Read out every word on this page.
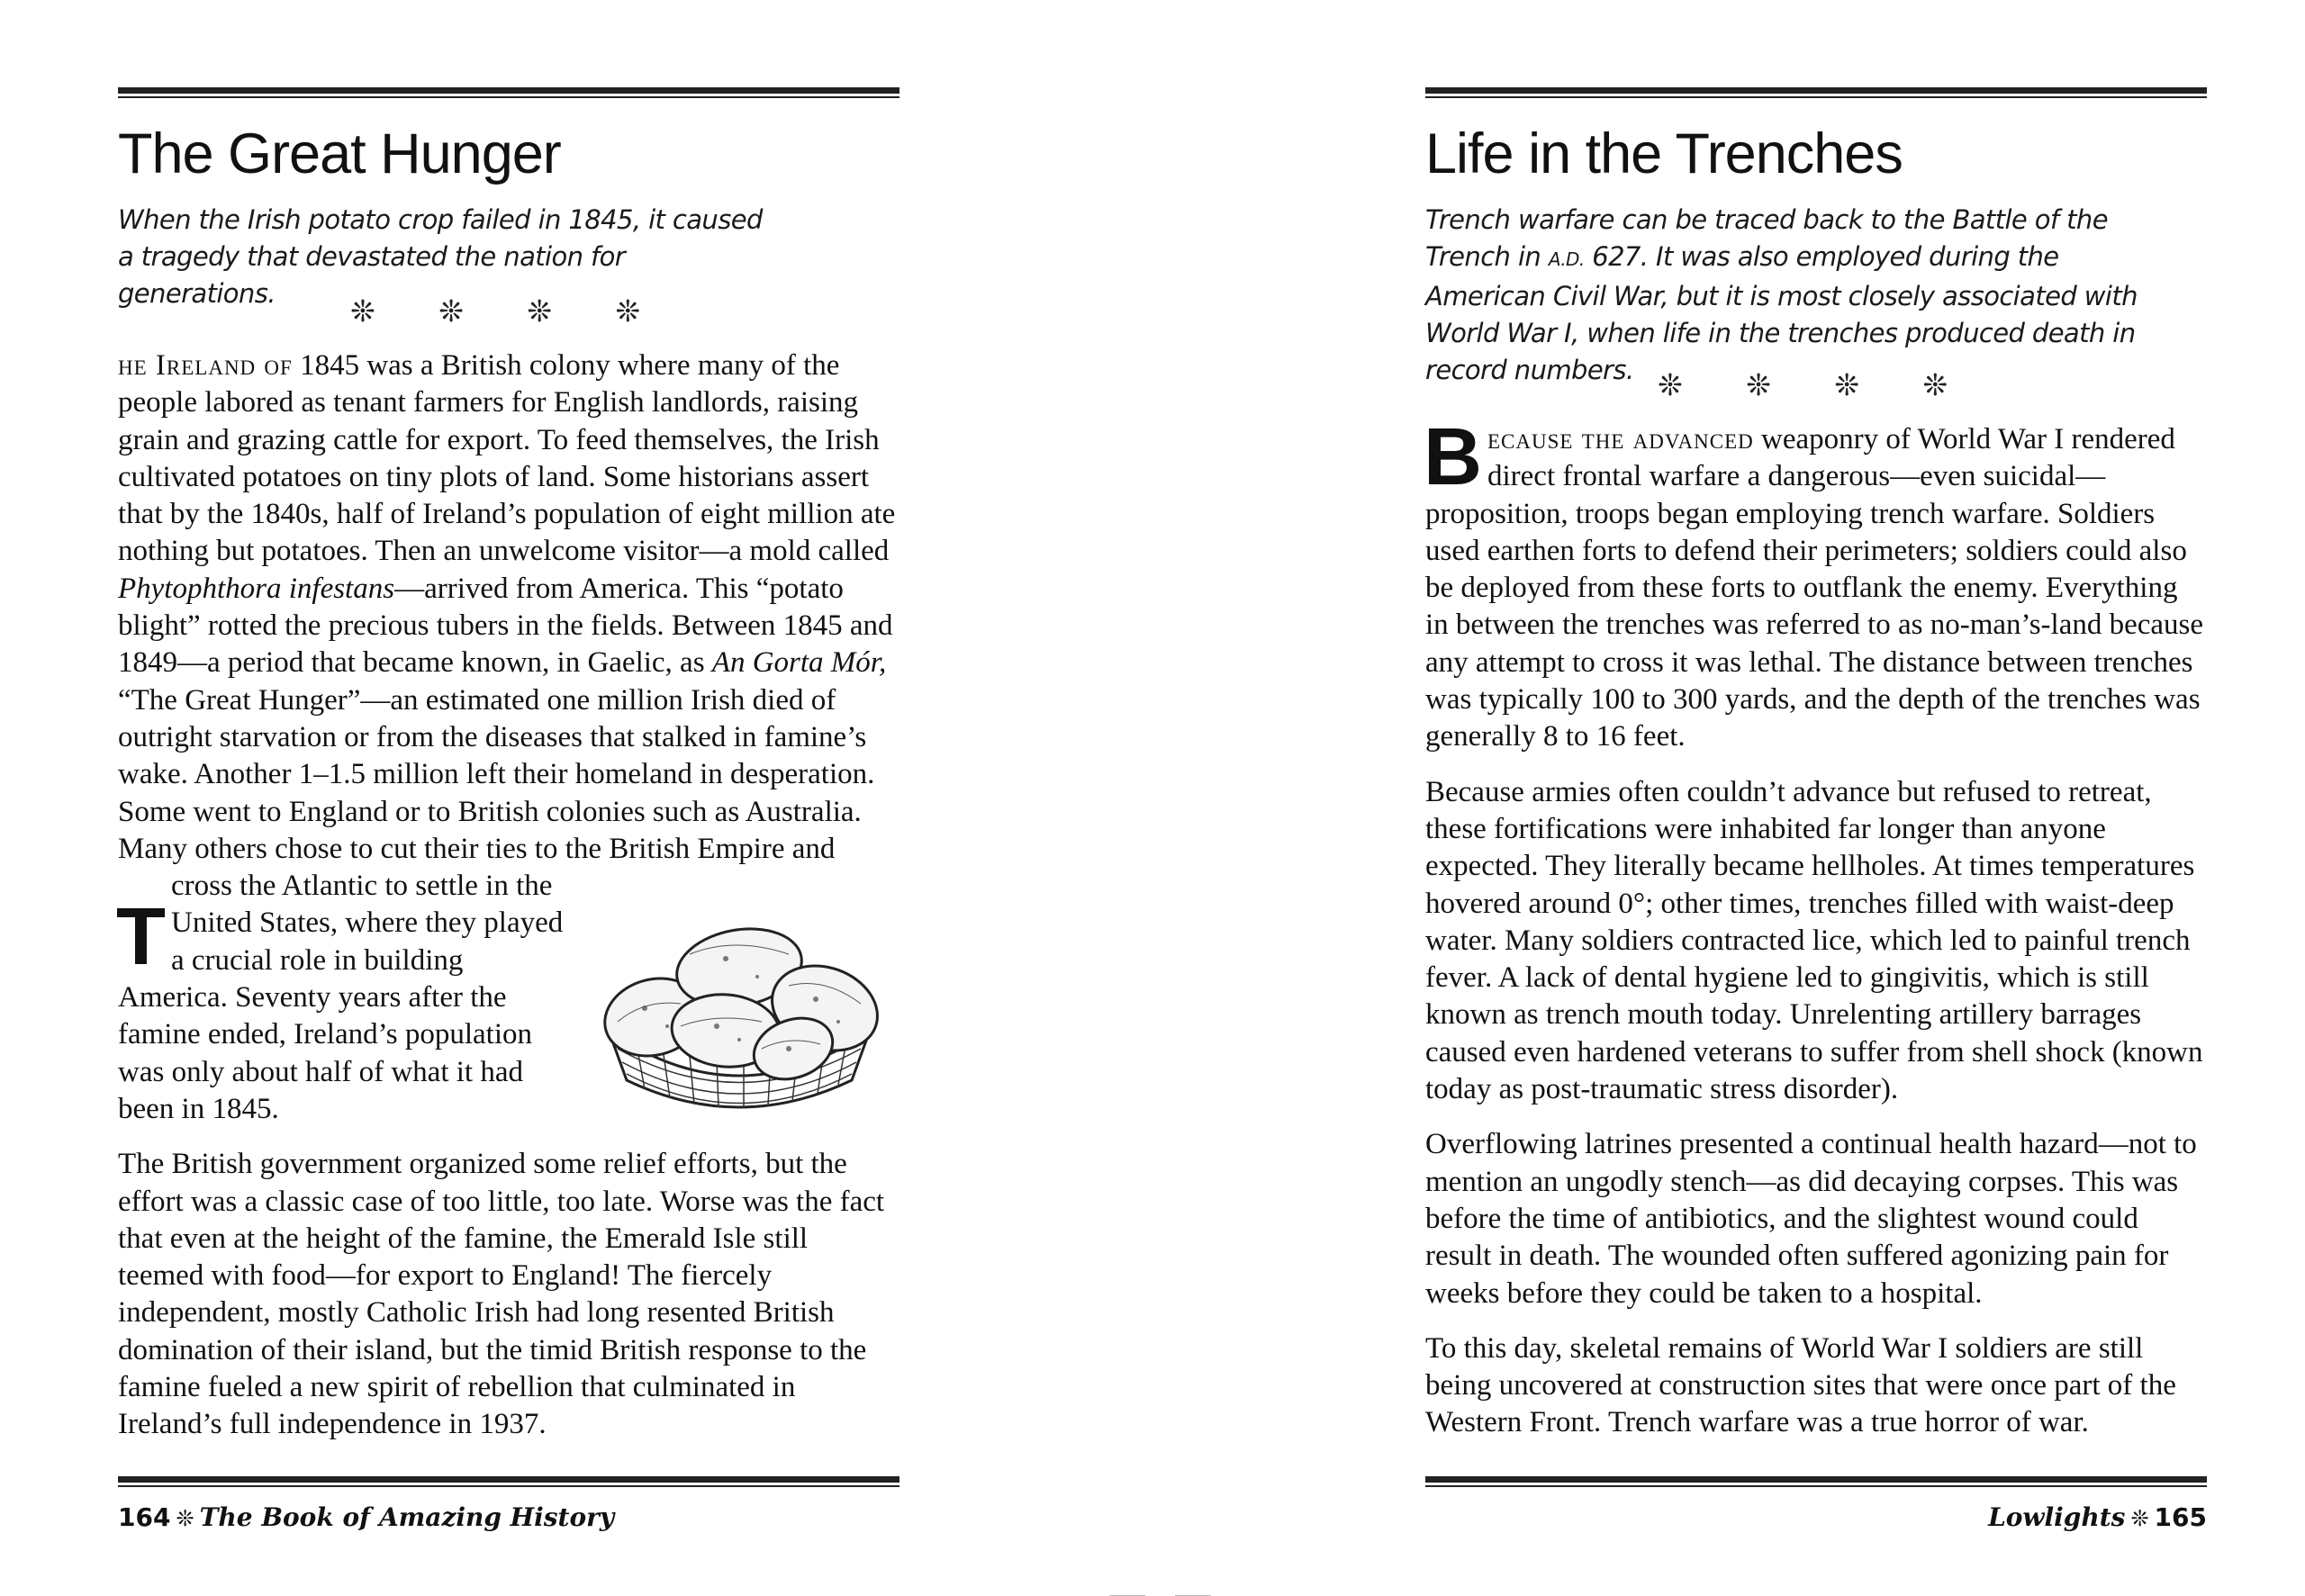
The Great Hunger

When the Irish potato crop failed in 1845, it caused a tragedy that devastated the nation for generations.	❊ ❊ ❊ ❊

T
he Ireland of 1845 was a British colony where many of the people labored as tenant farmers for English landlords, raising grain and grazing cattle for export. To feed themselves, the Irish cultivated potatoes on tiny plots of land. Some historians assert that by the 1840s, half of Ireland’s population of eight million ate nothing but potatoes. Then an unwelcome visitor—a mold called Phytophthora infestans—arrived from America. This “potato blight” rotted the precious tubers in the fields. Between 1845 and 1849—a period that became known, in Gaelic, as An Gorta Mór, “The Great Hunger”—an estimated one million Irish died of outright starvation or from the diseases that stalked in famine’s wake. Another 1–1.5 million left their homeland in desperation. Some went to England or to British colonies such as Australia. Many others chose to cut their ties to the British Empire and cross the Atlantic to settle in the United States, where they played a crucial role in building America. Seventy years after the famine ended, Ireland’s population was only about half of what it had been in 1845.

The British government organized some relief efforts, but the effort was a classic case of too little, too late. Worse was the fact that even at the height of the famine, the Emerald Isle still teemed with food—for export to England! The fiercely independent, mostly Catholic Irish had long resented British domination of their island, but the timid British response to the famine fueled a new spirit of rebellion that culminated in Ireland’s full independence in 1937.

164 ❊ The Book of Amazing History
Life in the Trenches

Trench warfare can be traced back to the Battle of the Trench in A.D. 627. It was also employed during the American Civil War, but it is most closely associated with World War I, when life in the trenches produced death in record numbers. ❊ ❊ ❊ ❊

Because the advanced weaponry of World War I rendered direct frontal warfare a dangerous—even suicidal—proposition, troops began employing trench warfare. Soldiers used earthen forts to defend their perimeters; soldiers could also be deployed from these forts to outflank the enemy. Everything in between the trenches was referred to as no-man’s-land because any attempt to cross it was lethal. The distance between trenches was typically 100 to 300 yards, and the depth of the trenches was generally 8 to 16 feet.

Because armies often couldn’t advance but refused to retreat, these fortifications were inhabited far longer than anyone expected. They literally became hellholes. At times temperatures hovered around 0°; other times, trenches filled with waist-deep water. Many soldiers contracted lice, which led to painful trench fever. A lack of dental hygiene led to gingivitis, which is still known as trench mouth today. Unrelenting artillery barrages caused even hardened veterans to suffer from shell shock (known today as post-traumatic stress disorder).

Overflowing latrines presented a continual health hazard—not to mention an ungodly stench—as did decaying corpses. This was before the time of antibiotics, and the slightest wound could result in death. The wounded often suffered agonizing pain for weeks before they could be taken to a hospital.

To this day, skeletal remains of World War I soldiers are still being uncovered at construction sites that were once part of the Western Front. Trench warfare was a true horror of war.

Lowlights ❊ 165
